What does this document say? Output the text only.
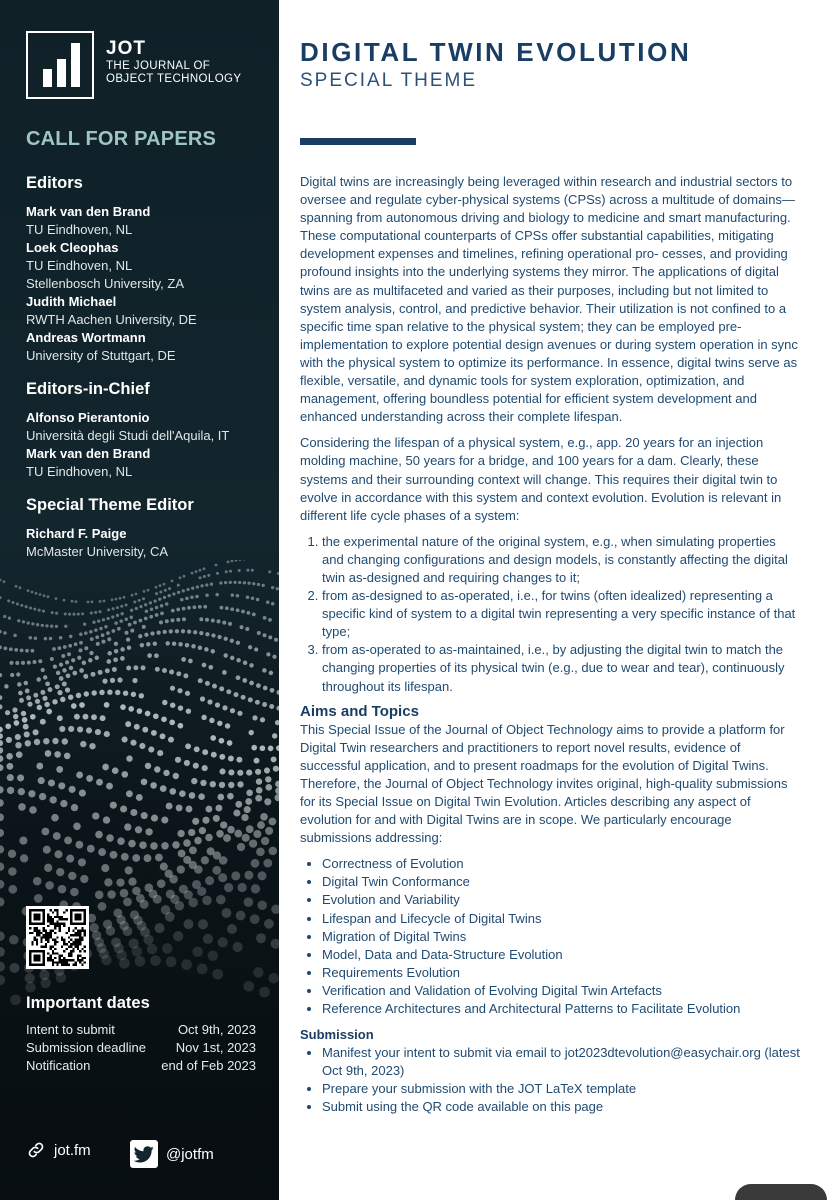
JOT
THE JOURNAL OF
OBJECT TECHNOLOGY
CALL FOR PAPERS
Editors
Mark van den Brand
TU Eindhoven, NL
Loek Cleophas
TU Eindhoven, NL
Stellenbosch University, ZA
Judith Michael
RWTH Aachen University, DE
Andreas Wortmann
University of Stuttgart, DE
Editors-in-Chief
Alfonso Pierantonio
Università degli Studi dell'Aquila, IT
Mark van den Brand
TU Eindhoven, NL
Special Theme Editor
Richard F. Paige
McMaster University, CA
Important dates
Intent to submit	Oct 9th, 2023
Submission deadline Nov 1st, 2023
Notification	end of Feb 2023
jot.fm	@jotfm
DIGITAL TWIN EVOLUTION
SPECIAL THEME

Digital twins are increasingly being leveraged within research and industrial sectors to oversee and regulate cyber-physical systems (CPSs) across a multitude of domains—spanning from autonomous driving and biology to medicine and smart manufacturing. These computational counterparts of CPSs offer substantial capabilities, mitigating development expenses and timelines, refining operational pro- cesses, and providing profound insights into the underlying systems they mirror. The applications of digital twins are as multifaceted and varied as their purposes, including but not limited to system analysis, control, and predictive behavior. Their utilization is not confined to a specific time span relative to the physical system; they can be employed pre-implementation to explore potential design avenues or during system operation in sync with the physical system to optimize its performance. In essence, digital twins serve as flexible, versatile, and dynamic tools for system exploration, optimization, and management, offering boundless potential for efficient system development and enhanced understanding across their complete lifespan.

Considering the lifespan of a physical system, e.g., app. 20 years for an injection molding machine, 50 years for a bridge, and 100 years for a dam. Clearly, these systems and their surrounding context will change. This requires their digital twin to evolve in accordance with this system and context evolution. Evolution is relevant in different life cycle phases of a system:

1. the experimental nature of the original system, e.g., when simulating properties and changing configurations and design models, is constantly affecting the digital twin as-designed and requiring changes to it;
2. from as-designed to as-operated, i.e., for twins (often idealized) representing a specific kind of system to a digital twin representing a very specific instance of that type;
3. from as-operated to as-maintained, i.e., by adjusting the digital twin to match the changing properties of its physical twin (e.g., due to wear and tear), continuously throughout its lifespan.
Aims and Topics
This Special Issue of the Journal of Object Technology aims to provide a platform for Digital Twin researchers and practitioners to report novel results, evidence of successful application, and to present roadmaps for the evolution of Digital Twins. Therefore, the Journal of Object Technology invites original, high-quality submissions for its Special Issue on Digital Twin Evolution. Articles describing any aspect of evolution for and with Digital Twins are in scope. We particularly encourage submissions addressing:
• Correctness of Evolution
• Digital Twin Conformance
• Evolution and Variability
• Lifespan and Lifecycle of Digital Twins
• Migration of Digital Twins
• Model, Data and Data-Structure Evolution
• Requirements Evolution
• Verification and Validation of Evolving Digital Twin Artefacts
• Reference Architectures and Architectural Patterns to Facilitate Evolution
Submission
• Manifest your intent to submit via email to jot2023dtevolution@easychair.org (latest Oct 9th, 2023)
• Prepare your submission with the JOT LaTeX template
• Submit using the QR code available on this page
